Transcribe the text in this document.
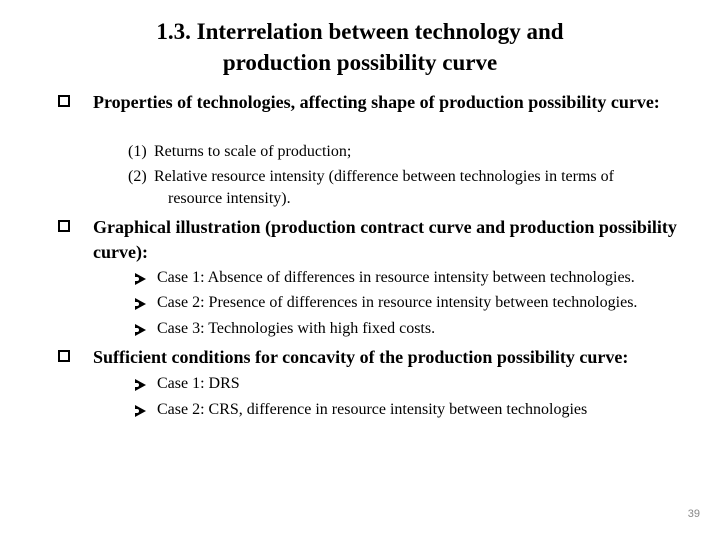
1.3. Interrelation between technology and
production possibility curve
Properties of technologies, affecting shape of production possibility curve:
(1) Returns to scale of production;
(2) Relative resource intensity (difference between technologies in terms of
resource intensity).
Graphical illustration (production contract curve and production possibility curve):
Case 1: Absence of differences in resource intensity between technologies.
Case 2: Presence of differences in resource intensity between technologies.
Case 3: Technologies with high fixed costs.
Sufficient conditions for concavity of the production possibility curve:
Case 1: DRS
Case 2: CRS, difference in resource intensity between technologies
39
